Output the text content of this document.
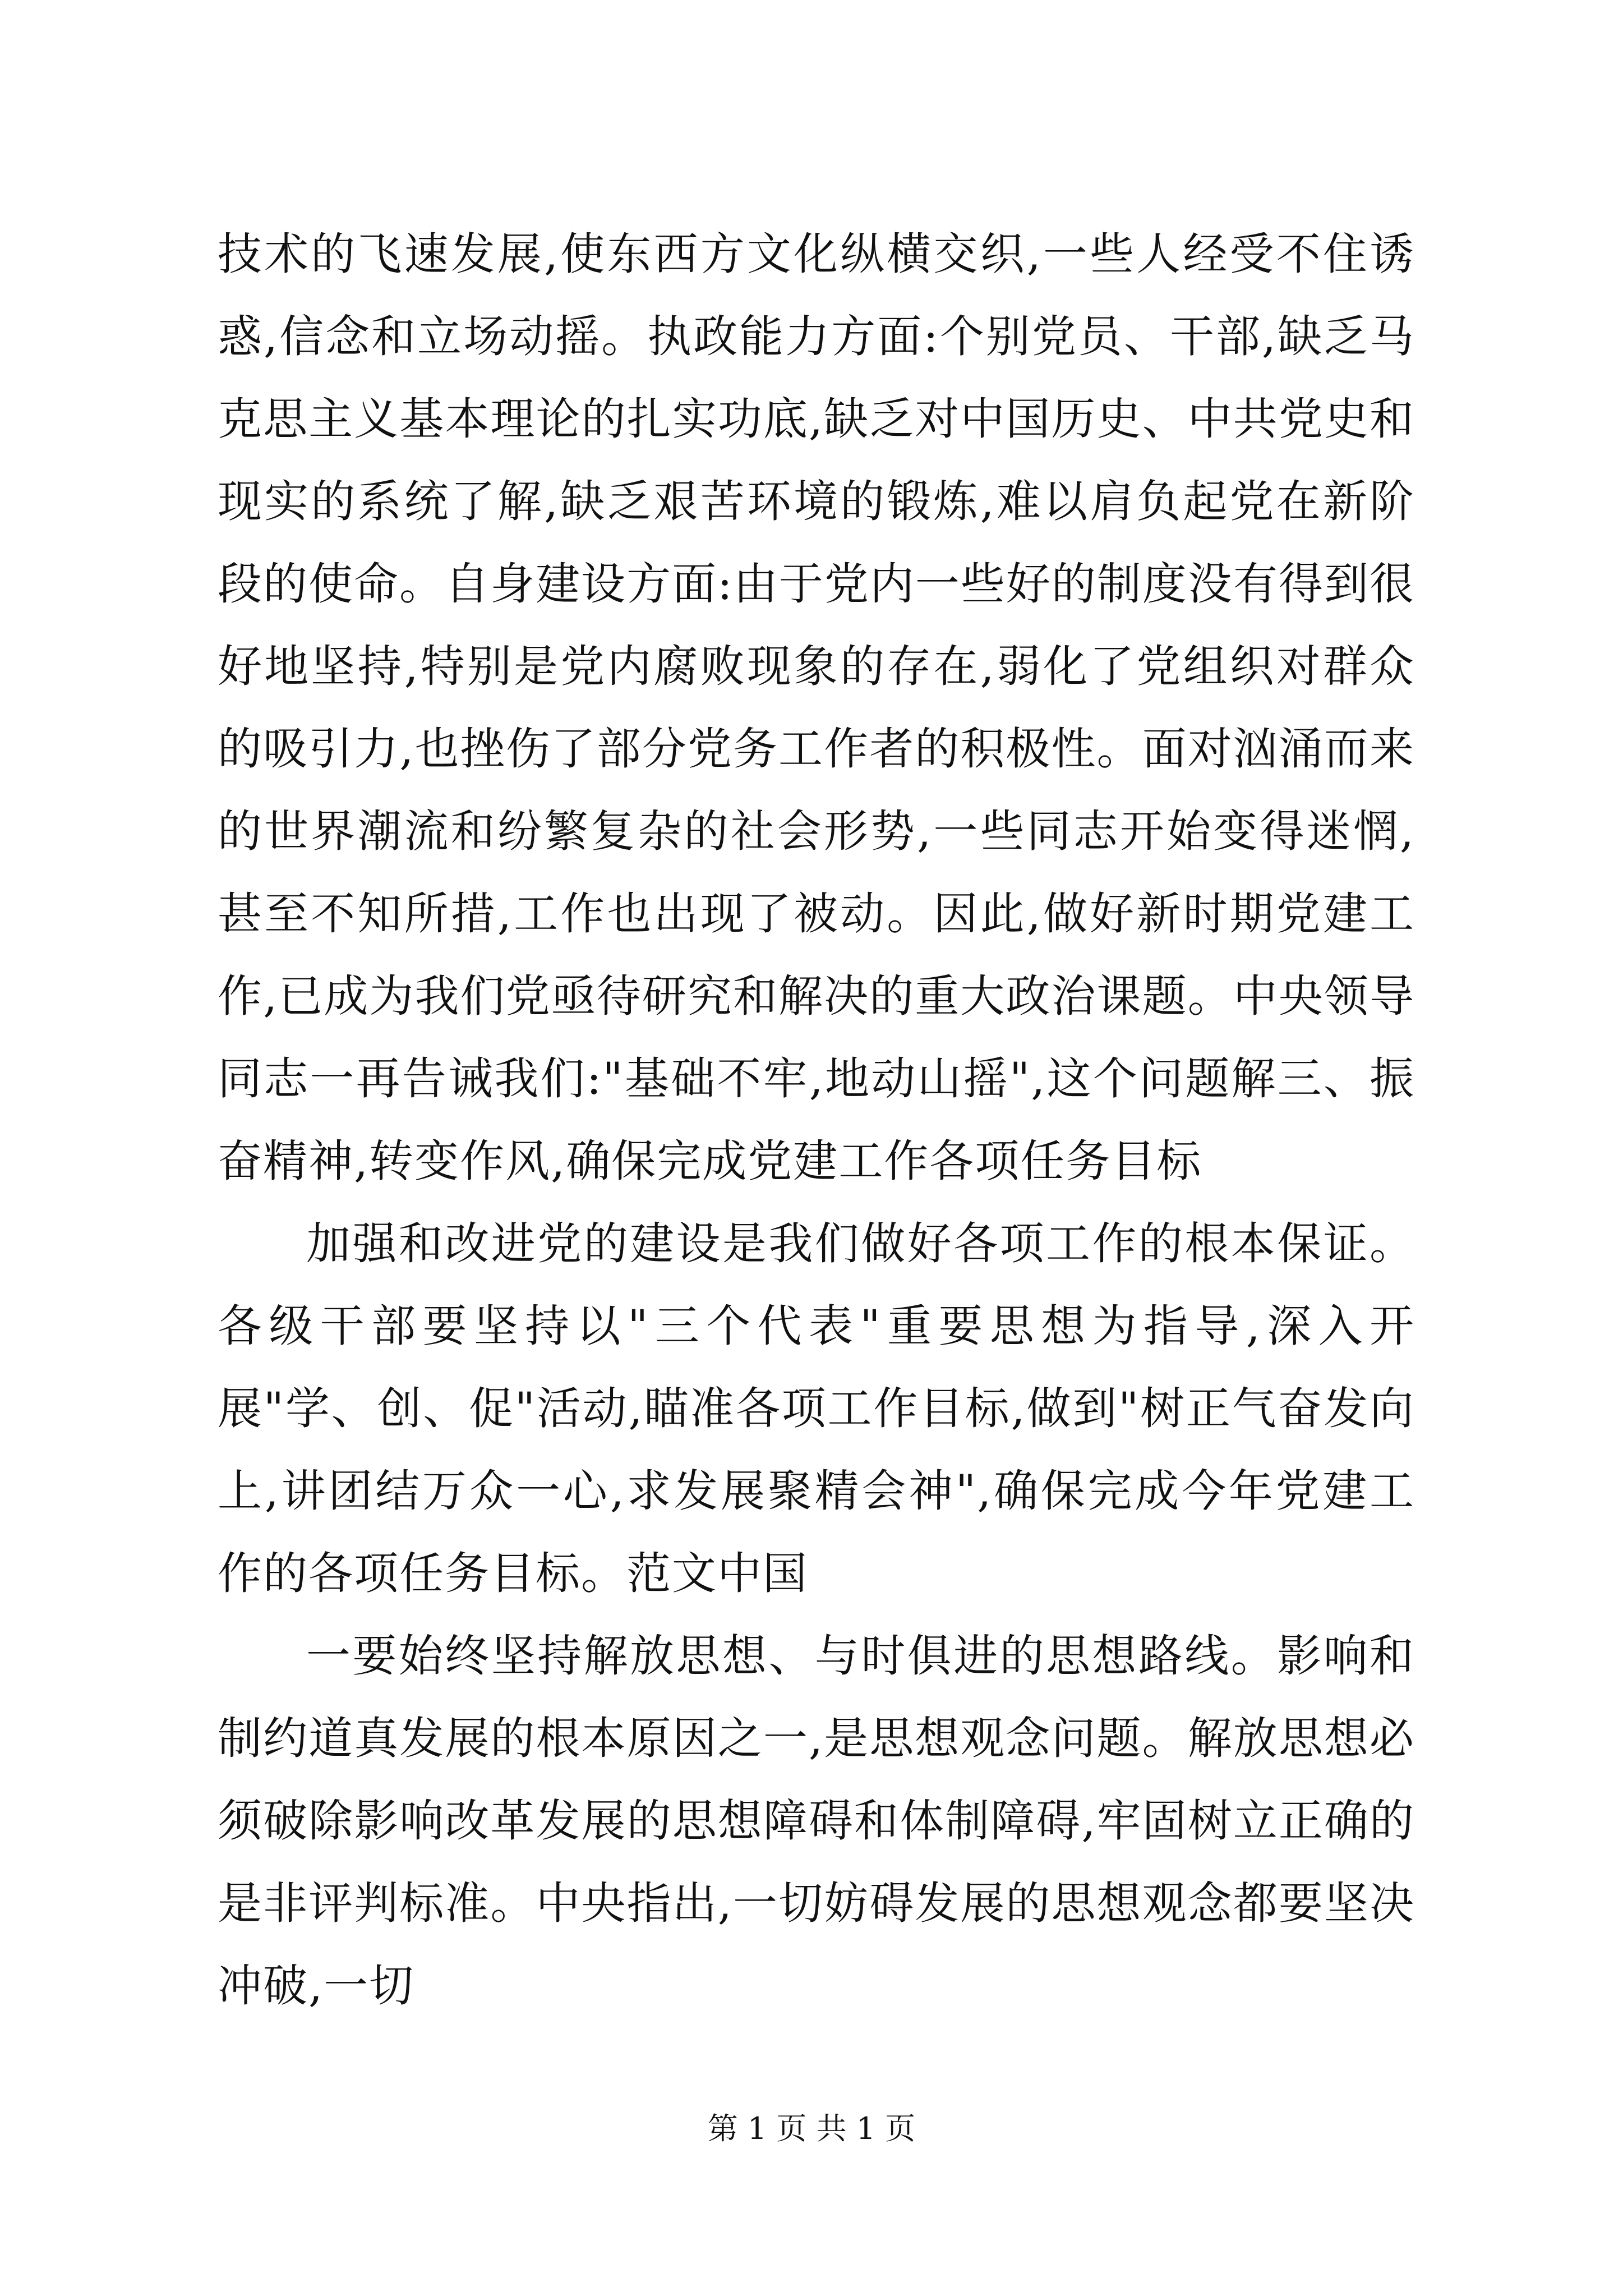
技术的飞速发展,使东西方文化纵横交织,一些人经受不住诱惑,信念和立场动摇。执政能力方面:个别党员、干部,缺乏马克思主义基本理论的扎实功底,缺乏对中国历史、中共党史和现实的系统了解,缺乏艰苦环境的锻炼,难以肩负起党在新阶段的使命。自身建设方面:由于党内一些好的制度没有得到很好地坚持,特别是党内腐败现象的存在,弱化了党组织对群众的吸引力,也挫伤了部分党务工作者的积极性。面对汹涌而来的世界潮流和纷繁复杂的社会形势,一些同志开始变得迷惘,甚至不知所措,工作也出现了被动。因此,做好新时期党建工作,已成为我们党亟待研究和解决的重大政治课题。中央领导同志一再告诫我们:"基础不牢,地动山摇",这个问题解三、振奋精神,转变作风,确保完成党建工作各项任务目标

加强和改进党的建设是我们做好各项工作的根本保证。各级干部要坚持以"三个代表"重要思想为指导,深入开展"学、创、促"活动,瞄准各项工作目标,做到"树正气奋发向上,讲团结万众一心,求发展聚精会神",确保完成今年党建工作的各项任务目标。范文中国

一要始终坚持解放思想、与时俱进的思想路线。影响和制约道真发展的根本原因之一,是思想观念问题。解放思想必须破除影响改革发展的思想障碍和体制障碍,牢固树立正确的是非评判标准。中央指出,一切妨碍发展的思想观念都要坚决冲破,一切

第 1 页 共 1 页
